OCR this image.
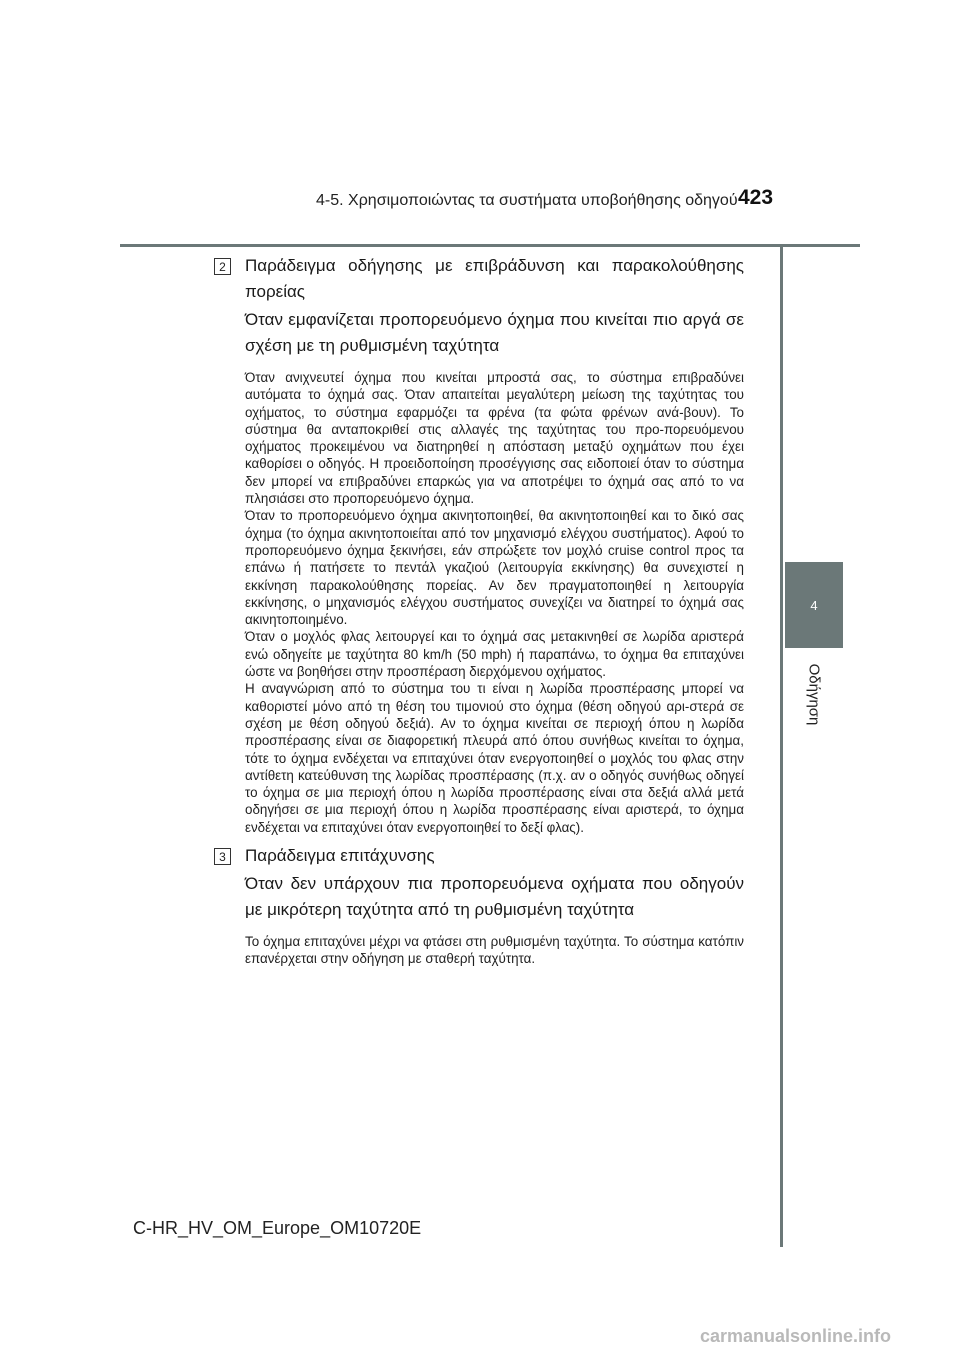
4-5. Χρησιμοποιώντας τα συστήματα υποβοήθησης οδηγού 423
4
Οδήγηση
2	Παράδειγμα οδήγησης με επιβράδυνση και παρακολούθησης πορείας

Όταν εμφανίζεται προπορευόμενο όχημα που κινείται πιο αργά σε σχέση με τη ρυθμισμένη ταχύτητα

Όταν ανιχνευτεί όχημα που κινείται μπροστά σας, το σύστημα επιβραδύνει αυτόματα το όχημά σας. Όταν απαιτείται μεγαλύτερη μείωση της ταχύτητας του οχήματος, το σύστημα εφαρμόζει τα φρένα (τα φώτα φρένων ανά-βουν). Το σύστημα θα ανταποκριθεί στις αλλαγές της ταχύτητας του προ-πορευόμενου οχήματος προκειμένου να διατηρηθεί η απόσταση μεταξύ οχημάτων που έχει καθορίσει ο οδηγός. Η προειδοποίηση προσέγγισης σας ειδοποιεί όταν το σύστημα δεν μπορεί να επιβραδύνει επαρκώς για να αποτρέψει το όχημά σας από το να πλησιάσει στο προπορευόμενο όχημα.

Όταν το προπορευόμενο όχημα ακινητοποιηθεί, θα ακινητοποιηθεί και το δικό σας όχημα (το όχημα ακινητοποιείται από τον μηχανισμό ελέγχου συστήματος). Αφού το προπορευόμενο όχημα ξεκινήσει, εάν σπρώξετε τον μοχλό cruise control προς τα επάνω ή πατήσετε το πεντάλ γκαζιού (λειτουργία εκκίνησης) θα συνεχιστεί η εκκίνηση παρακολούθησης πορείας. Αν δεν πραγματοποιηθεί η λειτουργία εκκίνησης, ο μηχανισμός ελέγχου συστήματος συνεχίζει να διατηρεί το όχημά σας ακινητοποιημένο.

Όταν ο μοχλός φλας λειτουργεί και το όχημά σας μετακινηθεί σε λωρίδα αριστερά ενώ οδηγείτε με ταχύτητα 80 km/h (50 mph) ή παραπάνω, το όχημα θα επιταχύνει ώστε να βοηθήσει στην προσπέραση διερχόμενου οχήματος.

Η αναγνώριση από το σύστημα του τι είναι η λωρίδα προσπέρασης μπορεί να καθοριστεί μόνο από τη θέση του τιμονιού στο όχημα (θέση οδηγού αρι-στερά σε σχέση με θέση οδηγού δεξιά). Αν το όχημα κινείται σε περιοχή όπου η λωρίδα προσπέρασης είναι σε διαφορετική πλευρά από όπου συνήθως κινείται το όχημα, τότε το όχημα ενδέχεται να επιταχύνει όταν ενεργοποιηθεί ο μοχλός του φλας στην αντίθετη κατεύθυνση της λωρίδας προσπέρασης (π.χ. αν ο οδηγός συνήθως οδηγεί το όχημα σε μια περιοχή όπου η λωρίδα προσπέρασης είναι στα δεξιά αλλά μετά οδηγήσει σε μια περιοχή όπου η λωρίδα προσπέρασης είναι αριστερά, το όχημα ενδέχεται να επιταχύνει όταν ενεργοποιηθεί το δεξί φλας).

3	Παράδειγμα επιτάχυνσης

Όταν δεν υπάρχουν πια προπορευόμενα οχήματα που οδηγούν με μικρότερη ταχύτητα από τη ρυθμισμένη ταχύτητα

Το όχημα επιταχύνει μέχρι να φτάσει στη ρυθμισμένη ταχύτητα. Το σύστημα κατόπιν επανέρχεται στην οδήγηση με σταθερή ταχύτητα.

C-HR_HV_OM_Europe_OM10720E
carmanualsonline.info
